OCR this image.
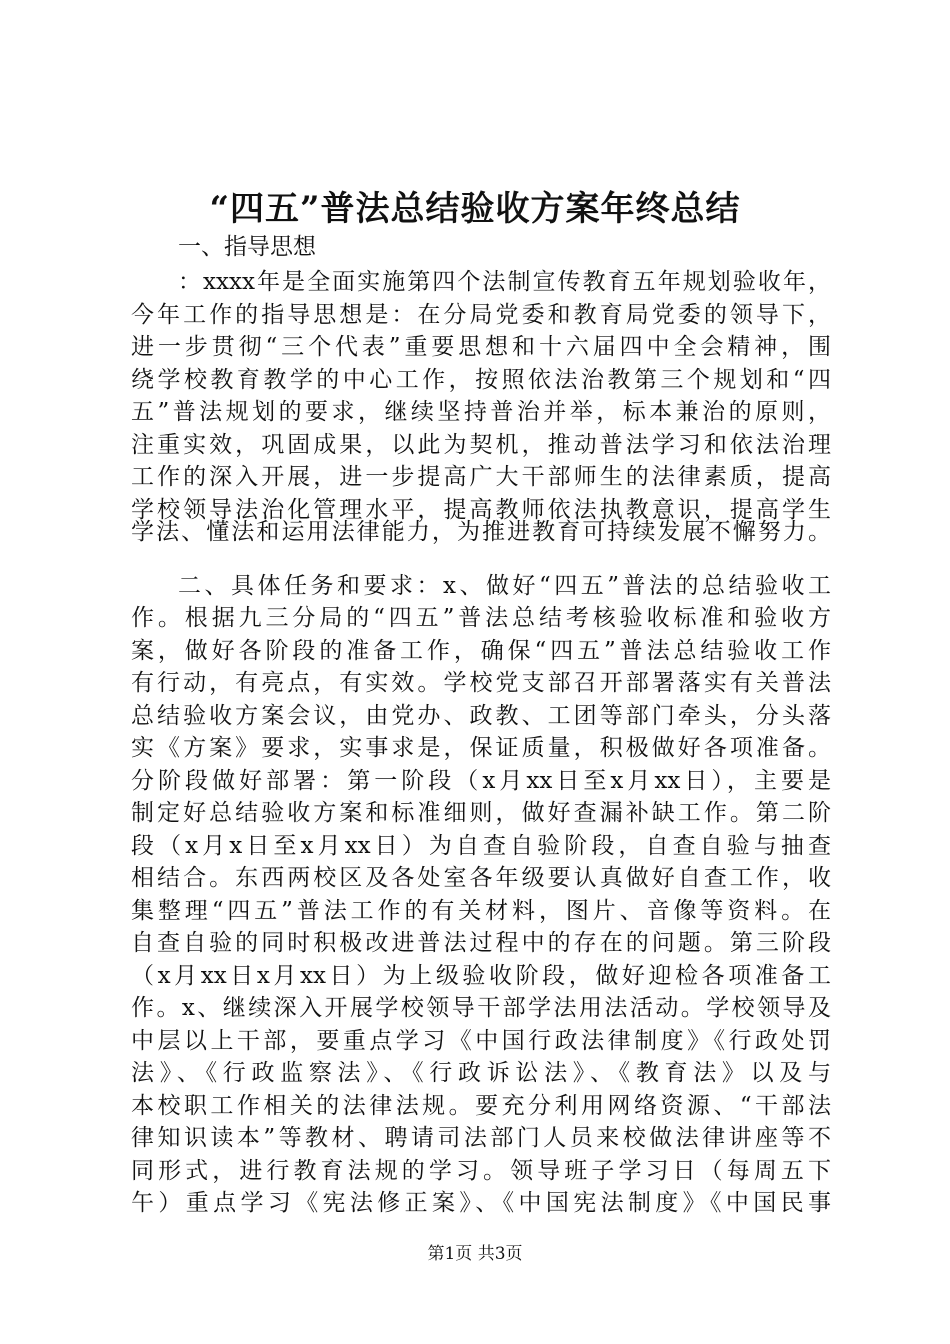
“四五”普法总结验收方案年终总结
一、指导思想
：xxxx年是全面实施第四个法制宣传教育五年规划验收年，
今年工作的指导思想是：在分局党委和教育局党委的领导下，
进一步贯彻“三个代表”重要思想和十六届四中全会精神，围
绕学校教育教学的中心工作，按照依法治教第三个规划和“四
五”普法规划的要求，继续坚持普治并举，标本兼治的原则，
注重实效，巩固成果，以此为契机，推动普法学习和依法治理
工作的深入开展，进一步提高广大干部师生的法律素质，提高
学校领导法治化管理水平，提高教师依法执教意识，提高学生
学法、懂法和运用法律能力，为推进教育可持续发展不懈努力。
二、具体任务和要求：x、做好“四五”普法的总结验收工
作。根据九三分局的“四五”普法总结考核验收标准和验收方
案，做好各阶段的准备工作，确保“四五”普法总结验收工作
有行动，有亮点，有实效。学校党支部召开部署落实有关普法
总结验收方案会议，由党办、政教、工团等部门牵头，分头落
实《方案》要求，实事求是，保证质量，积极做好各项准备。
分阶段做好部署：第一阶段（x月xx日至x月xx日），主要是
制定好总结验收方案和标准细则，做好查漏补缺工作。第二阶
段（x月x日至x月xx日）为自查自验阶段，自查自验与抽查
相结合。东西两校区及各处室各年级要认真做好自查工作，收
集整理“四五”普法工作的有关材料，图片、音像等资料。在
自查自验的同时积极改进普法过程中的存在的问题。第三阶段
（x月xx日x月xx日）为上级验收阶段，做好迎检各项准备工
作。x、继续深入开展学校领导干部学法用法活动。学校领导及
中层以上干部，要重点学习《中国行政法律制度》《行政处罚
法》、《行政监察法》、《行政诉讼法》、《教育法》以及与
本校职工作相关的法律法规。要充分利用网络资源、“干部法
律知识读本”等教材、聘请司法部门人员来校做法律讲座等不
同形式，进行教育法规的学习。领导班子学习日（每周五下
午）重点学习《宪法修正案》、《中国宪法制度》《中国民事
第1页 共3页
